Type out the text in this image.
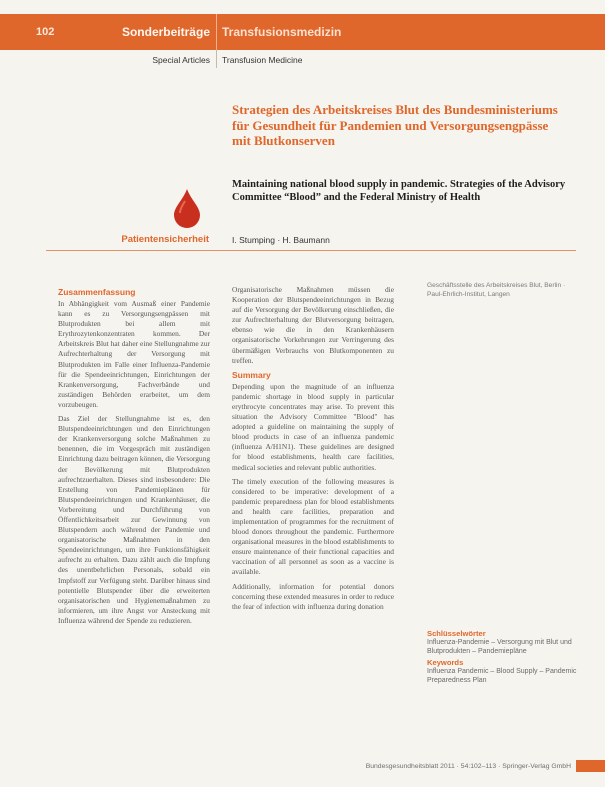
102	Sonderbeiträge Transfusionsmedizin
Special Articles Transfusion Medicine
Strategien des Arbeitskreises Blut des Bundesministeriums für Gesundheit für Pandemien und Versorgungsengpässe mit Blutkonserven
Maintaining national blood supply in pandemic. Strategies of the Advisory Committee “Blood” and the Federal Ministry of Health
Patientensicherheit	I. Stumping · H. Baumann
Zusammenfassung

In Abhängigkeit vom Ausmaß einer Pandemie kann es zu Versorgungsengpässen mit Blutprodukten bei allem mit Erythrozytenkonzentraten kommen. Der Arbeitskreis Blut hat daher eine Stellungnahme zur Aufrechterhaltung der Versorgung mit Blutprodukten im Falle einer Influenza-Pandemie für die Spendeeinrichtungen, Einrichtungen der Krankenversorgung, Fachverbände und zuständigen Behörden erarbeitet, um dem vorzubeugen.

Das Ziel der Stellungnahme ist es, den Blutspendeeinrichtungen und den Einrichtungen der Krankenversorgung solche Maßnahmen zu benennen, die im Vorgespräch mit zuständigen Einrichtung dazu beitragen können, die Versorgung der Bevölkerung mit Blutprodukten aufrechtzuerhalten. Dieses sind insbesondere: Die Erstellung von Pandemieplänen für Blutspendeeinrichtungen und Krankenhäuser, die Vorbereitung und Durchführung von Öffentlichkeitsarbeit zur Gewinnung von Blutspendern auch während der Pandemie und organisatorische Maßnahmen in den Spendeeinrichtungen, um ihre Funktionsfähigkeit aufrecht zu erhalten. Dazu zählt auch die Impfung des unentbehrlichen Personals, sobald ein Impfstoff zur Verfügung steht. Darüber hinaus sind potentielle Blutspender über die erweiterten organisatorischen und Hygienemaßnahmen zu informieren, um ihre Angst vor Ansteckung mit Influenza während der Spende zu reduzieren.

Organisatorische Maßnahmen müssen die Kooperation der Blutspendeeinrichtungen in Bezug auf die Versorgung der Bevölkerung einschließen, die zur Aufrechterhaltung der Blutversorgung beitragen, ebenso wie die in den Krankenhäusern organisatorische Vorkehrungen zur Verringerung des übermäßigen Verbrauchs von Blutkomponenten zu treffen.

Summary

Depending upon the magnitude of an influenza pandemic shortage in blood supply in particular erythrocyte concentrates may arise. To prevent this situation the Advisory Committee "Blood" has adopted a guideline on maintaining the supply of blood products in case of an influenza pandemic (influenza A/H1N1). These guidelines are designed for blood establishments, health care facilities, medical societies and relevant public authorities.

The timely execution of the following measures is considered to be imperative: development of a pandemic preparedness plan for blood establishments and health care facilities, preparation and implementation of programmes for the recruitment of blood donors throughout the pandemic. Furthermore organisational measures in the blood establishments to ensure maintenance of their functional capacities and vaccination of all personnel as soon as a vaccine is available.

Additionally, information for potential donors concerning these extended measures in order to reduce the fear of infection with influenza during donation

Geschäftsstelle des Arbeitskreises Blut, Berlin · Paul-Ehrlich-Institut, Langen
Schlüsselwörter
Influenza-Pandemie – Versorgung mit Blut und Blutprodukten – Pandemiepläne
Keywords
Influenza Pandemic – Blood Supply – Pandemic Preparedness Plan
Bundesgesundheitsblatt 2011 · 54:102–113 · Springer-Verlag GmbH
